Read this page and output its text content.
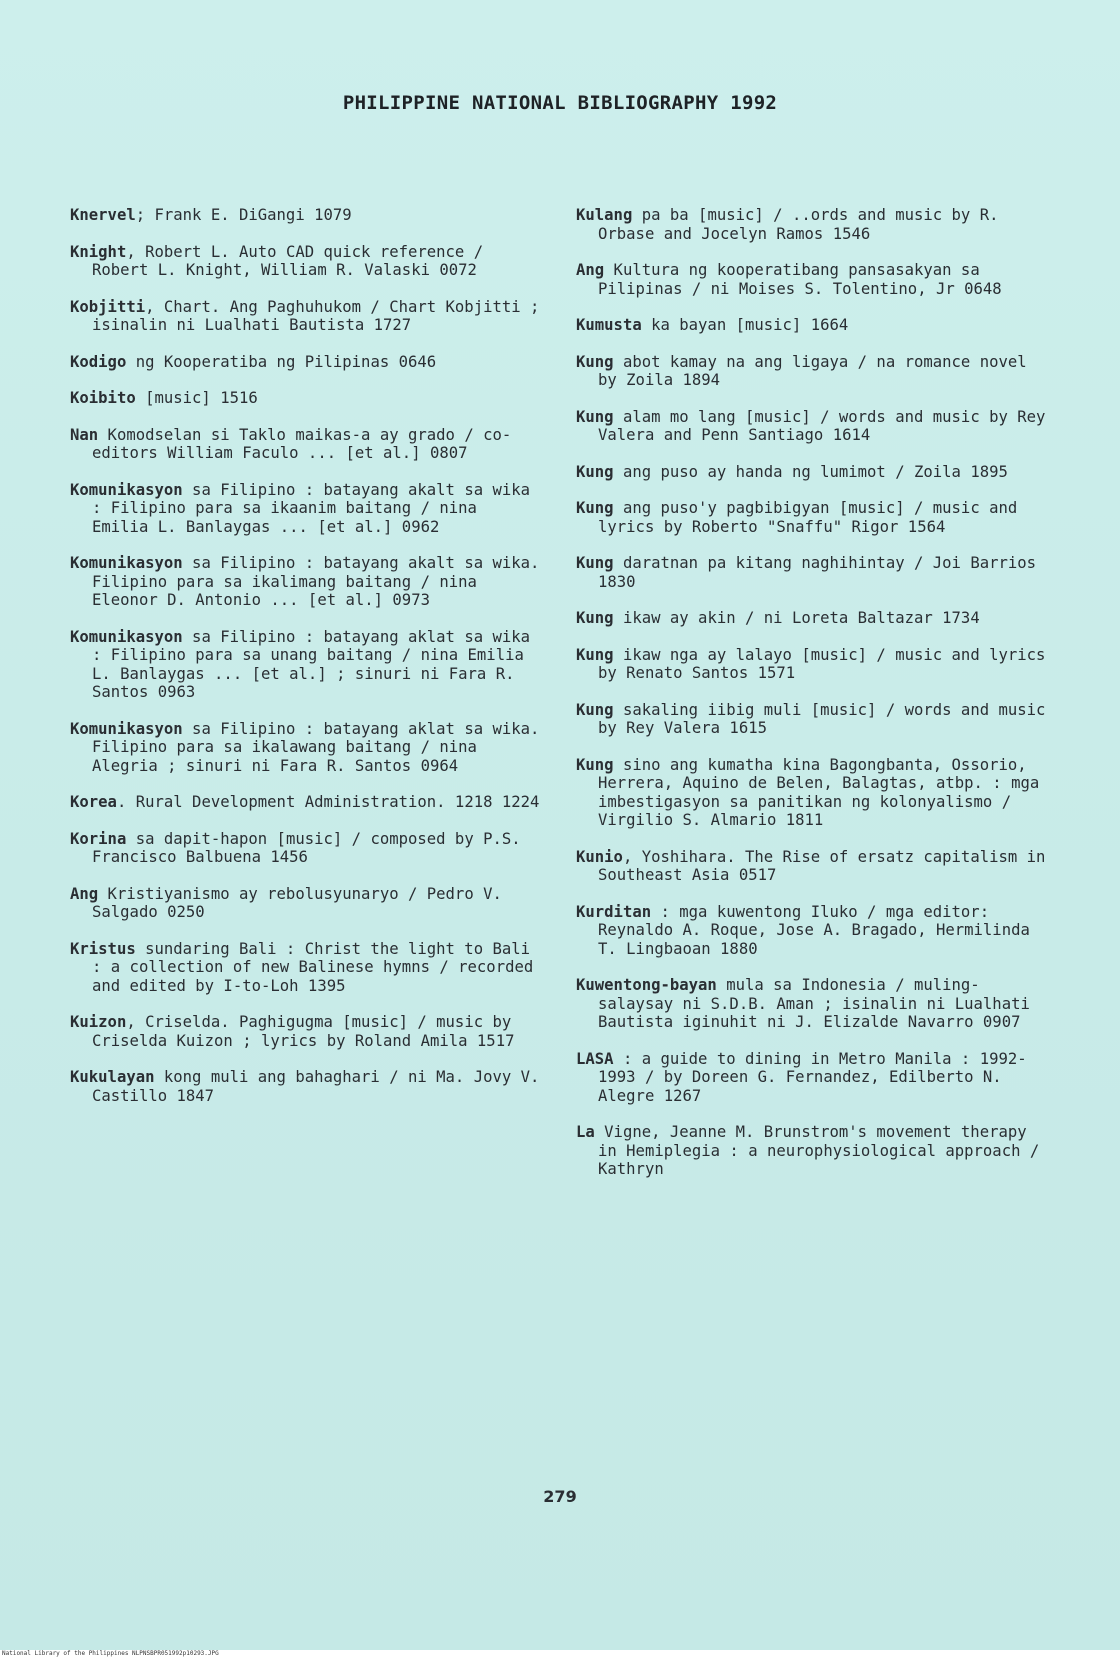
PHILIPPINE NATIONAL BIBLIOGRAPHY 1992
Knervel; Frank E. DiGangi 1079
Knight, Robert L. Auto CAD quick reference / Robert L. Knight, William R. Valaski 0072
Kobjitti, Chart. Ang Paghuhukom / Chart Kobjitti ; isinalin ni Lualhati Bautista 1727
Kodigo ng Kooperatiba ng Pilipinas 0646
Koibito [music] 1516
Nan Komodselan si Taklo maikas-a ay grado / co-editors William Faculo ... [et al.] 0807
Komunikasyon sa Filipino : batayang akalt sa wika : Filipino para sa ikaanim baitang / nina Emilia L. Banlaygas ... [et al.] 0962
Komunikasyon sa Filipino : batayang akalt sa wika. Filipino para sa ikalimang baitang / nina Eleonor D. Antonio ... [et al.] 0973
Komunikasyon sa Filipino : batayang aklat sa wika : Filipino para sa unang baitang / nina Emilia L. Banlaygas ... [et al.] ; sinuri ni Fara R. Santos 0963
Komunikasyon sa Filipino : batayang aklat sa wika. Filipino para sa ikalawang baitang / nina Alegria ; sinuri ni Fara R. Santos 0964
Korea. Rural Development Administration. 1218 1224
Korina sa dapit-hapon [music] / composed by P.S. Francisco Balbuena 1456
Ang Kristiyanismo ay rebolusyunaryo / Pedro V. Salgado 0250
Kristus sundaring Bali : Christ the light to Bali : a collection of new Balinese hymns / recorded and edited by I-to-Loh 1395
Kuizon, Criselda. Paghigugma [music] / music by Criselda Kuizon ; lyrics by Roland Amila 1517
Kukulayan kong muli ang bahaghari / ni Ma. Jovy V. Castillo 1847
Kulang pa ba [music] / ..ords and music by R. Orbase and Jocelyn Ramos 1546
Ang Kultura ng kooperatibang pansasakyan sa Pilipinas / ni Moises S. Tolentino, Jr 0648
Kumusta ka bayan [music] 1664
Kung abot kamay na ang ligaya / na romance novel by Zoila 1894
Kung alam mo lang [music] / words and music by Rey Valera and Penn Santiago 1614
Kung ang puso ay handa ng lumimot / Zoila 1895
Kung ang puso'y pagbibigyan [music] / music and lyrics by Roberto "Snaffu" Rigor 1564
Kung daratnan pa kitang naghihintay / Joi Barrios 1830
Kung ikaw ay akin / ni Loreta Baltazar 1734
Kung ikaw nga ay lalayo [music] / music and lyrics by Renato Santos 1571
Kung sakaling iibig muli [music] / words and music by Rey Valera 1615
Kung sino ang kumatha kina Bagongbanta, Ossorio, Herrera, Aquino de Belen, Balagtas, atbp. : mga imbestigasyon sa panitikan ng kolonyalismo / Virgilio S. Almario 1811
Kunio, Yoshihara. The Rise of ersatz capitalism in Southeast Asia 0517
Kurditan : mga kuwentong Iluko / mga editor: Reynaldo A. Roque, Jose A. Bragado, Hermilinda T. Lingbaoan 1880
Kuwentong-bayan mula sa Indonesia / muling-salaysay ni S.D.B. Aman ; isinalin ni Lualhati Bautista iginuhit ni J. Elizalde Navarro 0907
LASA : a guide to dining in Metro Manila : 1992-1993 / by Doreen G. Fernandez, Edilberto N. Alegre 1267
La Vigne, Jeanne M. Brunstrom's movement therapy in Hemiplegia : a neurophysiological approach / Kathryn
279
National Library of the Philippines NLPNSBPR051992p10293.JPG
